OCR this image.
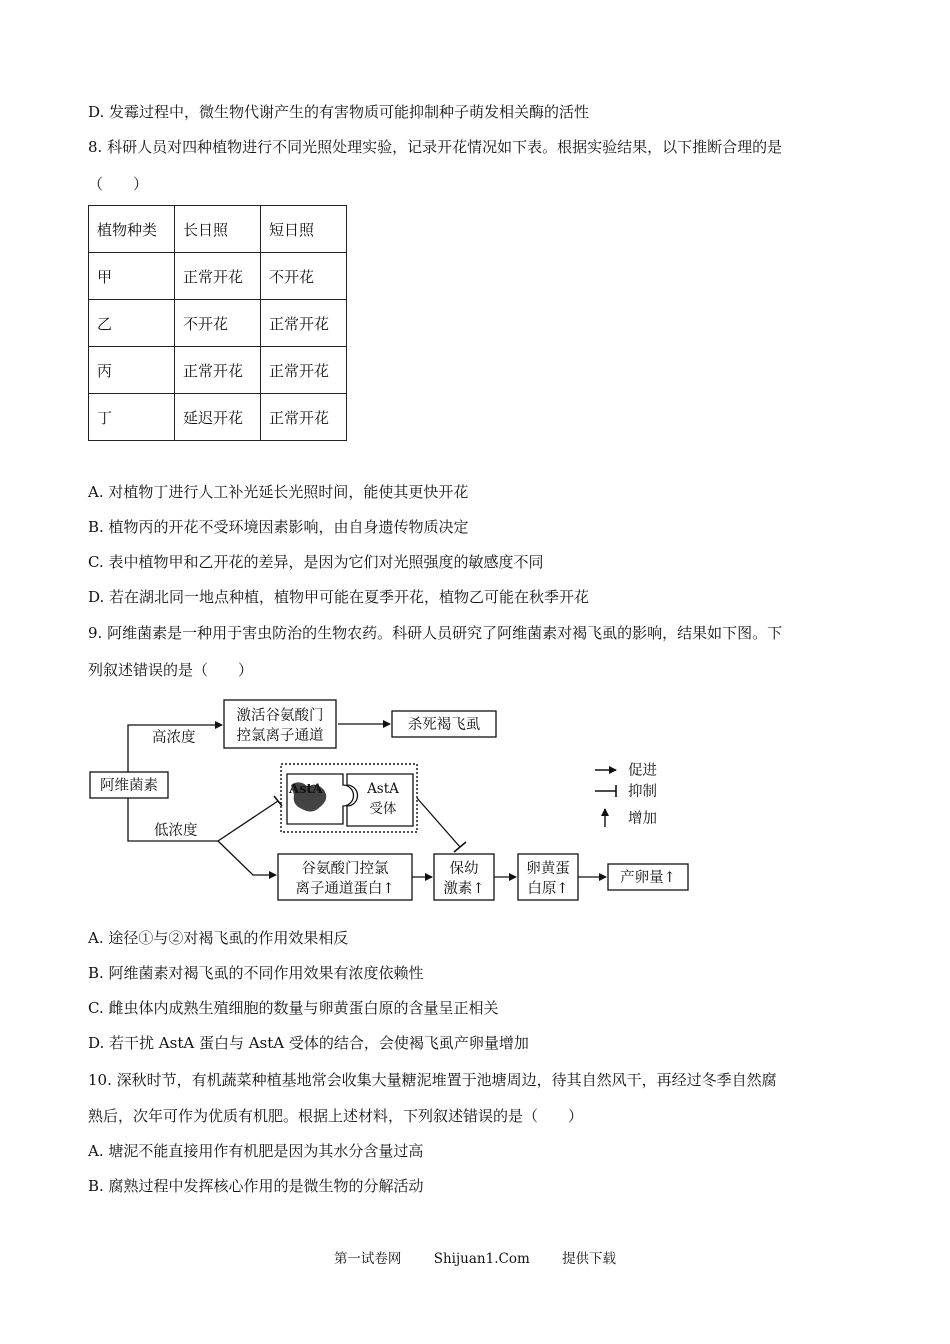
D. 发霉过程中，微生物代谢产生的有害物质可能抑制种子萌发相关酶的活性
8. 科研人员对四种植物进行不同光照处理实验，记录开花情况如下表。根据实验结果，以下推断合理的是
（　　）
植物种类	长日照	短日照
甲	正常开花	不开花
乙	不开花	正常开花
丙	正常开花	正常开花
丁	延迟开花	正常开花
A. 对植物丁进行人工补光延长光照时间，能使其更快开花
B. 植物丙的开花不受环境因素影响，由自身遗传物质决定
C. 表中植物甲和乙开花的差异，是因为它们对光照强度的敏感度不同
D. 若在湖北同一地点种植，植物甲可能在夏季开花，植物乙可能在秋季开花
9. 阿维菌素是一种用于害虫防治的生物农药。科研人员研究了阿维菌素对褐飞虱的影响，结果如下图。下
列叙述错误的是（　　）
阿维菌素
高浓度
激活谷氨酸门
控氯离子通道
杀死褐飞虱
低浓度
AstA	AstA
受体
谷氨酸门控氯
离子通道蛋白↑
保幼
激素↑
卵黄蛋
白原↑
产卵量↑
促进
抑制
增加
A. 途径①与②对褐飞虱的作用效果相反
B. 阿维菌素对褐飞虱的不同作用效果有浓度依赖性
C. 雌虫体内成熟生殖细胞的数量与卵黄蛋白原的含量呈正相关
D. 若干扰 AstA 蛋白与 AstA 受体的结合，会使褐飞虱产卵量增加
10. 深秋时节，有机蔬菜种植基地常会收集大量糖泥堆置于池塘周边，待其自然风干，再经过冬季自然腐
熟后，次年可作为优质有机肥。根据上述材料，下列叙述错误的是（　　）
A. 塘泥不能直接用作有机肥是因为其水分含量过高
B. 腐熟过程中发挥核心作用的是微生物的分解活动
第一试卷网 Shijuan1.Com 提供下载
